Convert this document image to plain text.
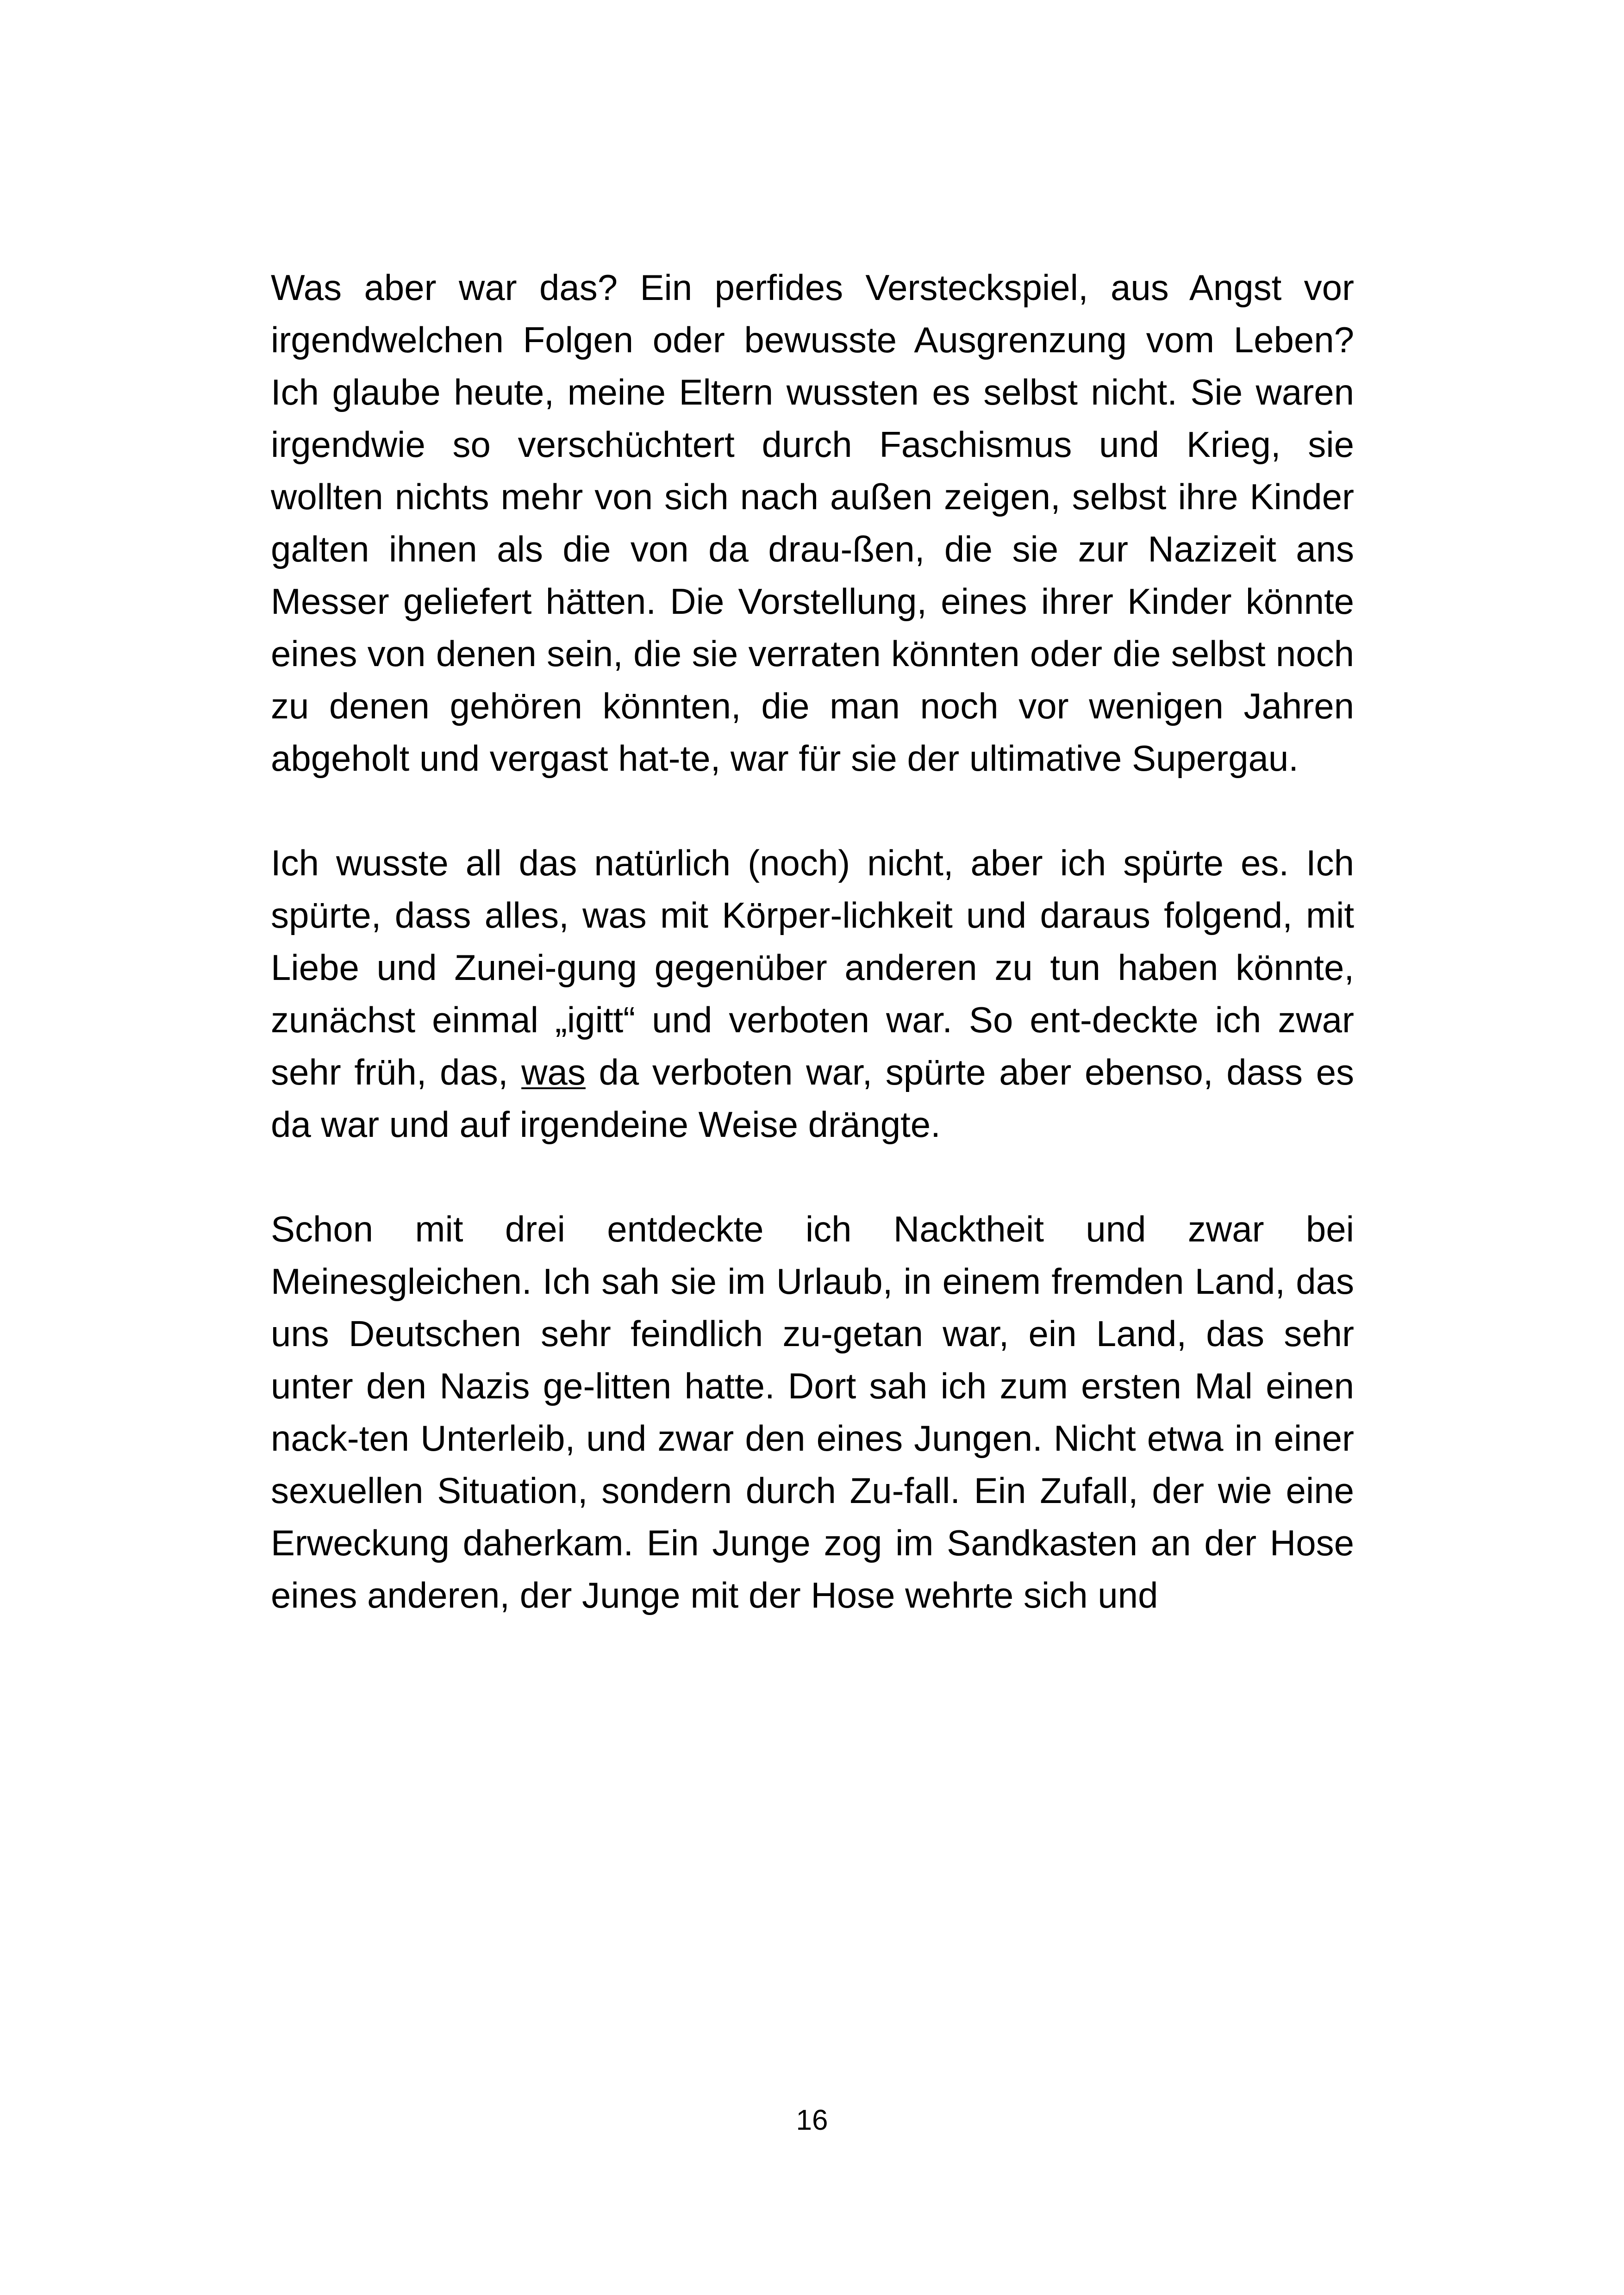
Was aber war das? Ein perfides Versteckspiel, aus Angst vor irgendwelchen Folgen oder bewusste Ausgrenzung vom Leben? Ich glaube heute, meine Eltern wussten es selbst nicht. Sie waren irgendwie so verschüchtert durch Faschismus und Krieg, sie wollten nichts mehr von sich nach außen zeigen, selbst ihre Kinder galten ihnen als die von da drau-ßen, die sie zur Nazizeit ans Messer geliefert hätten. Die Vorstellung, eines ihrer Kinder könnte eines von denen sein, die sie verraten könnten oder die selbst noch zu denen gehören könnten, die man noch vor wenigen Jahren abgeholt und vergast hat-te, war für sie der ultimative Supergau.

Ich wusste all das natürlich (noch) nicht, aber ich spürte es. Ich spürte, dass alles, was mit Körper-lichkeit und daraus folgend, mit Liebe und Zunei-gung gegenüber anderen zu tun haben könnte, zunächst einmal „igitt“ und verboten war. So ent-deckte ich zwar sehr früh, das, was da verboten war, spürte aber ebenso, dass es da war und auf irgendeine Weise drängte.

Schon mit drei entdeckte ich Nacktheit und zwar bei Meinesgleichen. Ich sah sie im Urlaub, in einem fremden Land, das uns Deutschen sehr feindlich zu-getan war, ein Land, das sehr unter den Nazis ge-litten hatte. Dort sah ich zum ersten Mal einen nack-ten Unterleib, und zwar den eines Jungen. Nicht etwa in einer sexuellen Situation, sondern durch Zu-fall. Ein Zufall, der wie eine Erweckung daherkam. Ein Junge zog im Sandkasten an der Hose eines anderen, der Junge mit der Hose wehrte sich und

16
